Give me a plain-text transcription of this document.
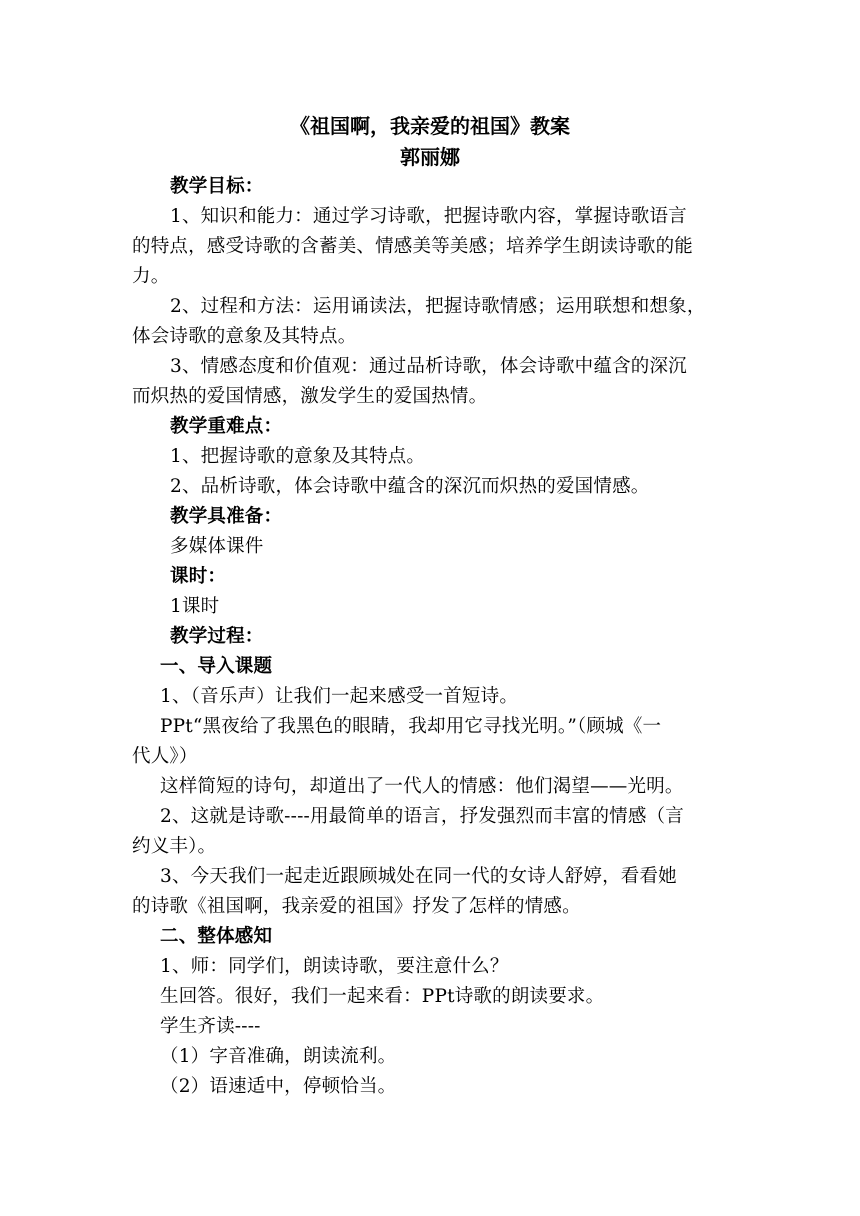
《祖国啊，我亲爱的祖国》教案
郭丽娜
教学目标：
1、知识和能力：通过学习诗歌，把握诗歌内容，掌握诗歌语言
的特点，感受诗歌的含蓄美、情感美等美感；培养学生朗读诗歌的能
力。
2、过程和方法：运用诵读法，把握诗歌情感；运用联想和想象，
体会诗歌的意象及其特点。
3、情感态度和价值观：通过品析诗歌，体会诗歌中蕴含的深沉
而炽热的爱国情感，激发学生的爱国热情。
教学重难点：
1、把握诗歌的意象及其特点。
2、品析诗歌，体会诗歌中蕴含的深沉而炽热的爱国情感。
教学具准备：
多媒体课件
课时：
1课时
教学过程：
一、导入课题
1、（音乐声）让我们一起来感受一首短诗。
PPt“黑夜给了我黑色的眼睛，我却用它寻找光明。”（顾城《一
代人》）
这样简短的诗句，却道出了一代人的情感：他们渴望——光明。
2、这就是诗歌----用最简单的语言，抒发强烈而丰富的情感（言
约义丰）。
3、今天我们一起走近跟顾城处在同一代的女诗人舒婷，看看她
的诗歌《祖国啊，我亲爱的祖国》抒发了怎样的情感。
二、整体感知
1、师：同学们，朗读诗歌，要注意什么？
生回答。很好，我们一起来看：PPt诗歌的朗读要求。
学生齐读----
（1）字音准确，朗读流利。
（2）语速适中，停顿恰当。
